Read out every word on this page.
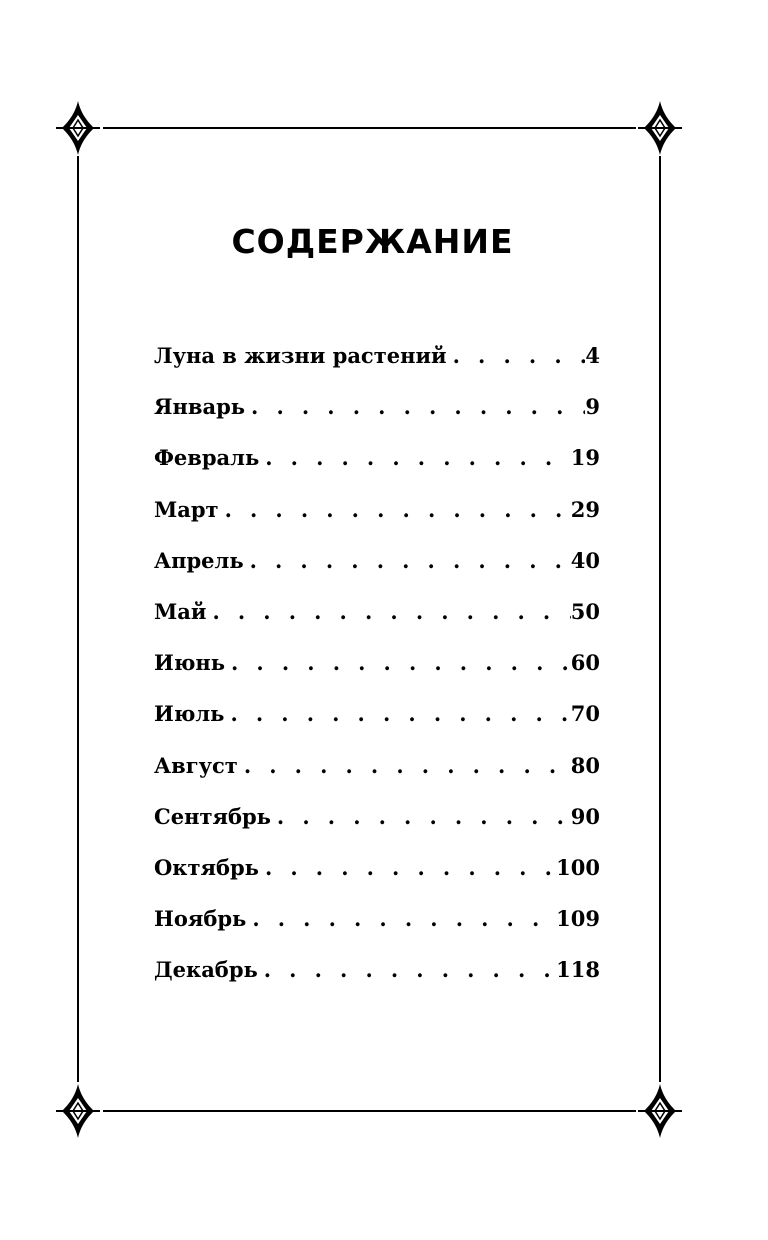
СОДЕРЖАНИЕ
Луна в жизни растений . . .	4
Январь . . .	9
Февраль . . .	19
Март . . .	29
Апрель . . .	40
Май . . .	50
Июнь . . .	60
Июль . . .	70
Август . . .	80
Сентябрь . . .	90
Октябрь . . .	100
Ноябрь . . .	109
Декабрь . . .	118
